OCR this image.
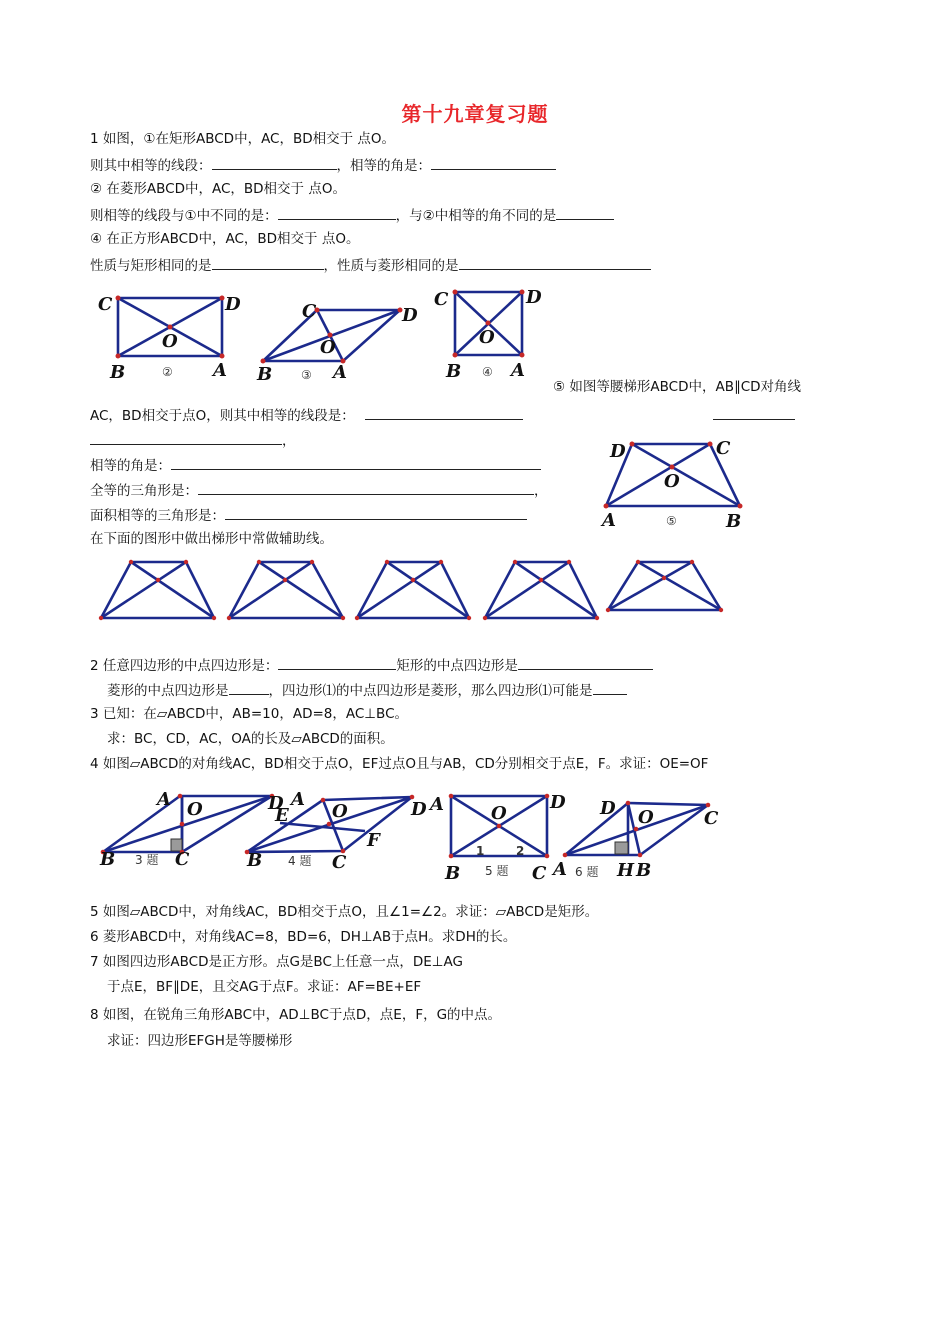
第十九章复习题
1 如图，①在矩形ABCD中，AC，BD相交于 点O。
则其中相等的线段：	，相等的角是：
② 在菱形ABCD中，AC，BD相交于 点O。
则相等的线段与①中不同的是：	，与②中相等的角不同的是
④ 在正方形ABCD中，AC，BD相交于 点O。
性质与矩形相同的是	，性质与菱形相同的是
C	D
O
B	A
②
C	D
O
B	A
③
C	D
O
B	A
④
⑤ 如图等腰梯形ABCD中，AB∥CD对角线
AC，BD相交于点O，则其中相等的线段是：
，
相等的角是：
全等的三角形是：	，
面积相等的三角形是：
在下面的图形中做出梯形中常做辅助线。
D	C
O
A	B
⑤
2 任意四边形的中点四边形是：	矩形的中点四边形是
菱形的中点四边形是	，四边形⑴的中点四边形是菱形，那么四边形⑴可能是
3 已知：在▱ABCD中，AB=10，AD=8，AC⊥BC。
求：BC，CD，AC，OA的长及▱ABCD的面积。
4 如图▱ABCD的对角线AC，BD相交于点O，EF过点O且与AB，CD分别相交于点E，F。求证：OE=OF
A O	D
B	C
3 题
A
E O	D
F
B	C
4 题
A	O
D
B	C
1	2
5 题
D O	C
A	H B
6 题
5 如图▱ABCD中，对角线AC，BD相交于点O，且∠1=∠2。求证：▱ABCD是矩形。
6 菱形ABCD中，对角线AC=8，BD=6，DH⊥AB于点H。求DH的长。
7 如图四边形ABCD是正方形。点G是BC上任意一点，DE⊥AG
于点E，BF∥DE，且交AG于点F。求证：AF=BE+EF
8 如图，在锐角三角形ABC中，AD⊥BC于点D，点E，F，G的中点。
求证：四边形EFGH是等腰梯形
